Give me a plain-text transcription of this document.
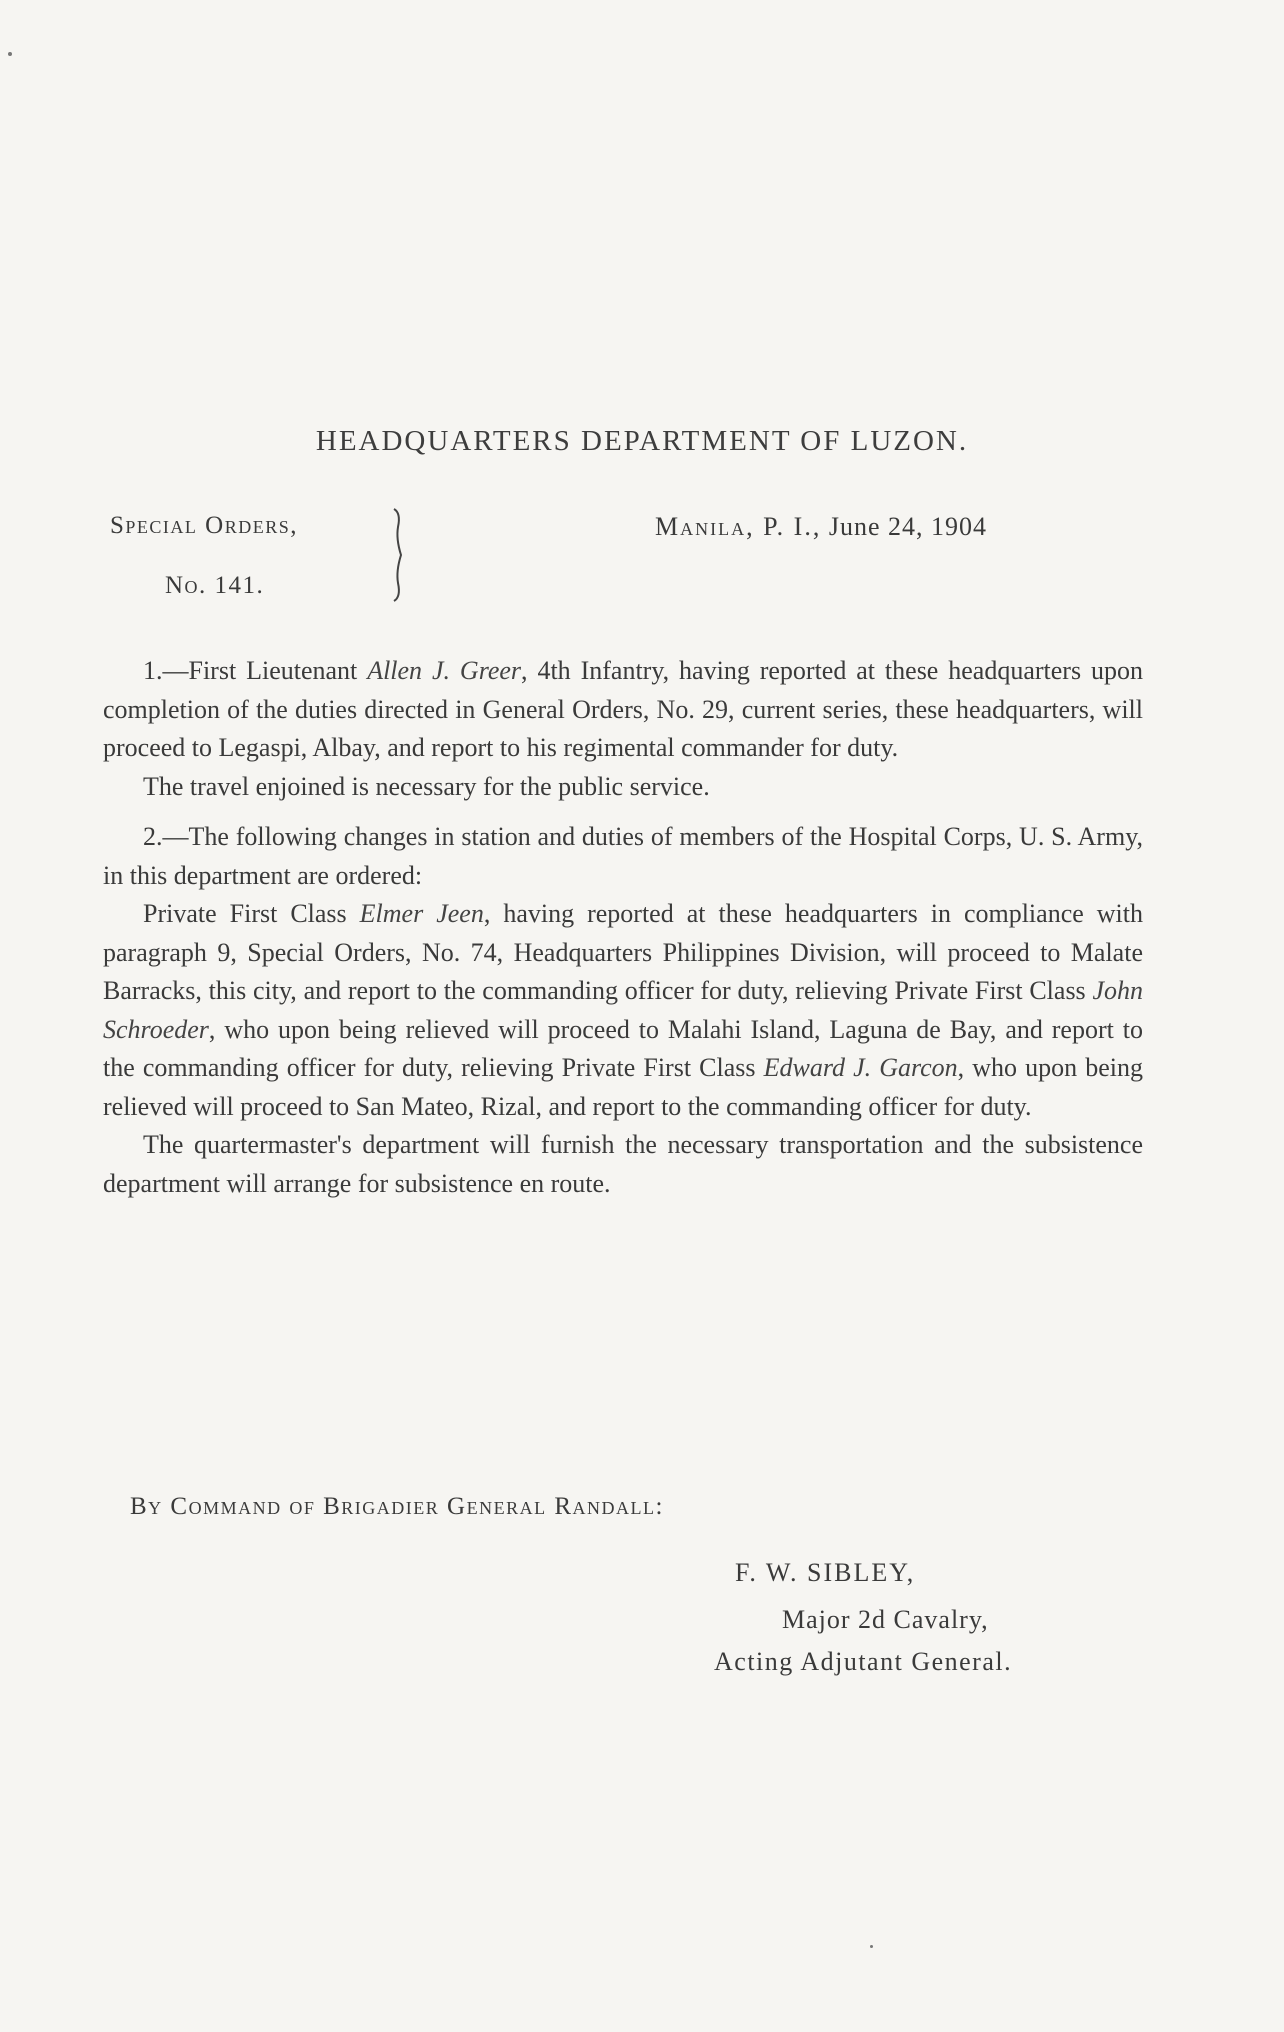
HEADQUARTERS DEPARTMENT OF LUZON.
Special Orders,
No. 141.
Manila, P. I., June 24, 1904

1.—First Lieutenant Allen J. Greer, 4th Infantry, having reported at these headquarters upon completion of the duties directed in General Orders, No. 29, current series, these headquarters, will proceed to Legaspi, Albay, and report to his regimental commander for duty.

The travel enjoined is necessary for the public service.

2.—The following changes in station and duties of members of the Hospital Corps, U. S. Army, in this department are ordered:

Private First Class Elmer Jeen, having reported at these headquarters in compliance with paragraph 9, Special Orders, No. 74, Headquarters Philippines Division, will proceed to Malate Barracks, this city, and report to the commanding officer for duty, relieving Private First Class John Schroeder, who upon being relieved will proceed to Malahi Island, Laguna de Bay, and report to the commanding officer for duty, relieving Private First Class Edward J. Garcon, who upon being relieved will proceed to San Mateo, Rizal, and report to the commanding officer for duty.

The quartermaster's department will furnish the necessary transportation and the subsistence department will arrange for subsistence en route.

By Command of Brigadier General Randall:
F. W. SIBLEY,
Major 2d Cavalry,
Acting Adjutant General.
